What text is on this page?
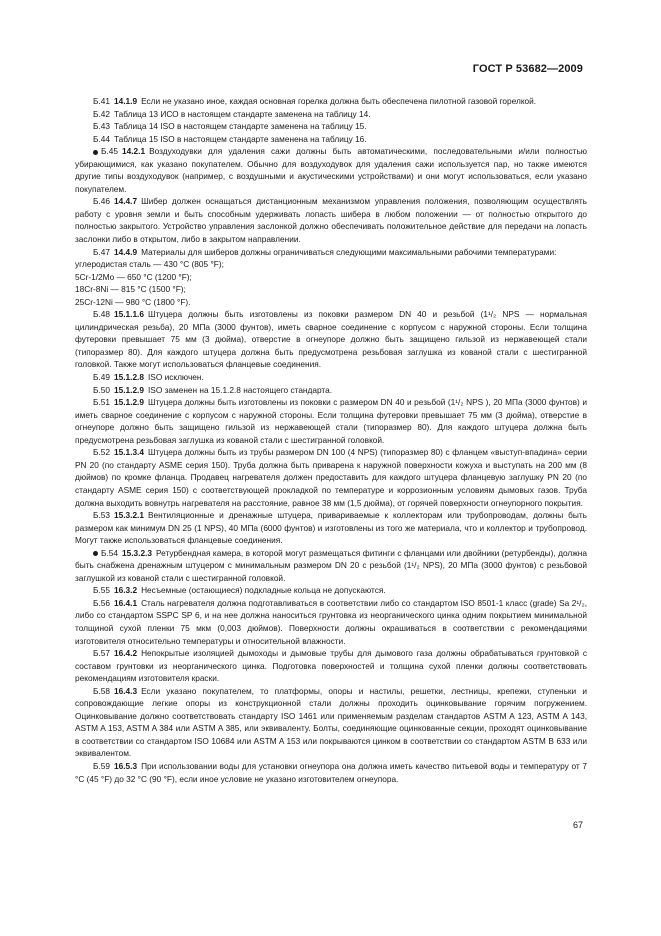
ГОСТ Р 53682—2009
Б.41 14.1.9 Если не указано иное, каждая основная горелка должна быть обеспечена пилотной газовой горелкой.
Б.42 Таблица 13 ИСО в настоящем стандарте заменена на таблицу 14.
Б.43 Таблица 14 ISO в настоящем стандарте заменена на таблицу 15.
Б.44 Таблица 15 ISO в настоящем стандарте заменена на таблицу 16.
Б.45 14.2.1 Воздуходувки для удаления сажи должны быть автоматическими, последовательными и/или полностью убирающимися, как указано покупателем. Обычно для воздуходувок для удаления сажи используется пар, но также имеются другие типы воздуходувок (например, с воздушными и акустическими устройствами) и они могут использоваться, если указано покупателем.
Б.46 14.4.7 Шибер должен оснащаться дистанционным механизмом управления положения, позволяющим осуществлять работу с уровня земли и быть способным удерживать лопасть шибера в любом положении — от полностью открытого до полностью закрытого. Устройство управления заслонкой должно обеспечивать положительное действие для передачи на лопасть заслонки либо в открытом, либо в закрытом направлении.
Б.47 14.4.9 Материалы для шиберов должны ограничиваться следующими максимальными рабочими температурами:
углеродистая сталь — 430 °C (805 °F);
5Cr-1/2Mo — 650 °C (1200 °F);
18Cr-8Ni — 815 °C (1500 °F);
25Cr-12Ni — 980 °C (1800 °F).
Б.48 15.1.1.6 Штуцера должны быть изготовлены из поковки размером DN 40 и резьбой (1¹/₂ NPS — нормальная цилиндрическая резьба), 20 МПа (3000 фунтов), иметь сварное соединение с корпусом с наружной стороны. Если толщина футеровки превышает 75 мм (3 дюйма), отверстие в огнеупоре должно быть защищено гильзой из нержавеющей стали (типоразмер 80). Для каждого штуцера должна быть предусмотрена резьбовая заглушка из кованой стали с шестигранной головкой. Также могут использоваться фланцевые соединения.
Б.49 15.1.2.8 ISO исключен.
Б.50 15.1.2.9 ISO заменен на 15.1.2.8 настоящего стандарта.
Б.51 15.1.2.9 Штуцера должны быть изготовлены из поковки с размером DN 40 и резьбой (1¹/₂ NPS ), 20 МПа (3000 фунтов) и иметь сварное соединение с корпусом с наружной стороны. Если толщина футеровки превышает 75 мм (3 дюйма), отверстие в огнеупоре должно быть защищено гильзой из нержавеющей стали (типоразмер 80). Для каждого штуцера должна быть предусмотрена резьбовая заглушка из кованой стали с шестигранной головкой.
Б.52 15.1.3.4 Штуцера должны быть из трубы размером DN 100 (4 NPS) (типоразмер 80) с фланцем «выступ-впадина» серии PN 20 (по стандарту ASME серия 150). Труба должна быть приварена к наружной поверхности кожуха и выступать на 200 мм (8 дюймов) по кромке фланца. Продавец нагревателя должен предоставить для каждого штуцера фланцевую заглушку PN 20 (по стандарту ASME серия 150) с соответствующей прокладкой по температуре и коррозионным условиям дымовых газов. Труба должна выходить вовнутрь нагревателя на расстояние, равное 38 мм (1,5 дюйма), от горячей поверхности огнеупорного покрытия.
Б.53 15.3.2.1 Вентиляционные и дренажные штуцера, привариваемые к коллекторам или трубопроводам, должны быть размером как минимум DN 25 (1 NPS), 40 МПа (6000 фунтов) и изготовлены из того же материала, что и коллектор и трубопровод. Могут также использоваться фланцевые соединения.
Б.54 15.3.2.3 Ретурбендная камера, в которой могут размещаться фитинги с фланцами или двойники (ретурбенды), должна быть снабжена дренажным штуцером с минимальным размером DN 20 с резьбой (1¹/₂ NPS), 20 МПа (3000 фунтов) с резьбовой заглушкой из кованой стали с шестигранной головкой.
Б.55 16.3.2 Несъемные (остающиеся) подкладные кольца не допускаются.
Б.56 16.4.1 Сталь нагревателя должна подготавливаться в соответствии либо со стандартом ISO 8501-1 класс (grade) Sa 2¹/₂, либо со стандартом SSPC SP 6, и на нее должна наноситься грунтовка из неорганического цинка одним покрытием минимальной толщиной сухой пленки 75 мкм (0,003 дюймов). Поверхности должны окрашиваться в соответствии с рекомендациями изготовителя относительно температуры и относительной влажности.
Б.57 16.4.2 Непокрытые изоляцией дымоходы и дымовые трубы для дымового газа должны обрабатываться грунтовкой с составом грунтовки из неорганического цинка. Подготовка поверхностей и толщина сухой пленки должны соответствовать рекомендациям изготовителя краски.
Б.58 16.4.3 Если указано покупателем, то платформы, опоры и настилы, решетки, лестницы, крепежи, ступеньки и сопровождающие легкие опоры из конструкционной стали должны проходить оцинковывание горячим погружением. Оцинковывание должно соответствовать стандарту ISO 1461 или применяемым разделам стандартов ASTM A 123, ASTM A 143, ASTM A 153, ASTM A 384 или ASTM A 385, или эквиваленту. Болты, соединяющие оцинкованные секции, проходят оцинковывание в соответствии со стандартом ISO 10684 или ASTM A 153 или покрываются цинком в соответствии со стандартом ASTM B 633 или эквивалентом.
Б.59 16.5.3 При использовании воды для установки огнеупора она должна иметь качество питьевой воды и температуру от 7 °C (45 °F) до 32 °C (90 °F), если иное условие не указано изготовителем огнеупора.
67
